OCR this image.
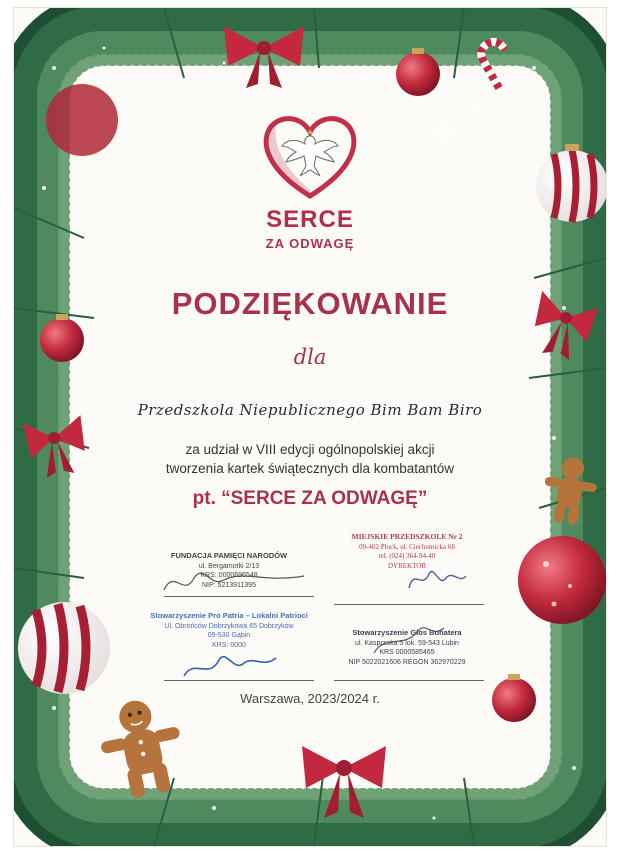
SERCE
ZA ODWAGĘ
PODZIĘKOWANIE
dla
Przedszkola Niepublicznego Bim Bam Biro
za udział w VIII edycji ogólnopolskiej akcji
tworzenia kartek świątecznych dla kombatantów
pt. “SERCE ZA ODWAGĘ”
FUNDACJA PAMIĘCI NARODÓW
ul. Bergamotki 2/13
KRS: 0000696548
NIP: 5213911395
MIEJSKIE PRZEDSZKOLE Nr 2
09-402 Płock, ul. Ciechomicka 68
tel. (024) 364-94-40
DYREKTOR
Stowarzyszenie Pro Patria – Lokalni Patrioci
Ul. Obrońców Dobrzykowa 65 Dobrzyków
09-530 Gąbin
KRS: 0000
Stowarzyszenie Głos Bohatera
ul. Kasprzaka 5 lok. 59-543 Lubin
KRS 0000585465
NIP 5022021606 REGON 362970229
Warszawa, 2023/2024 r.
